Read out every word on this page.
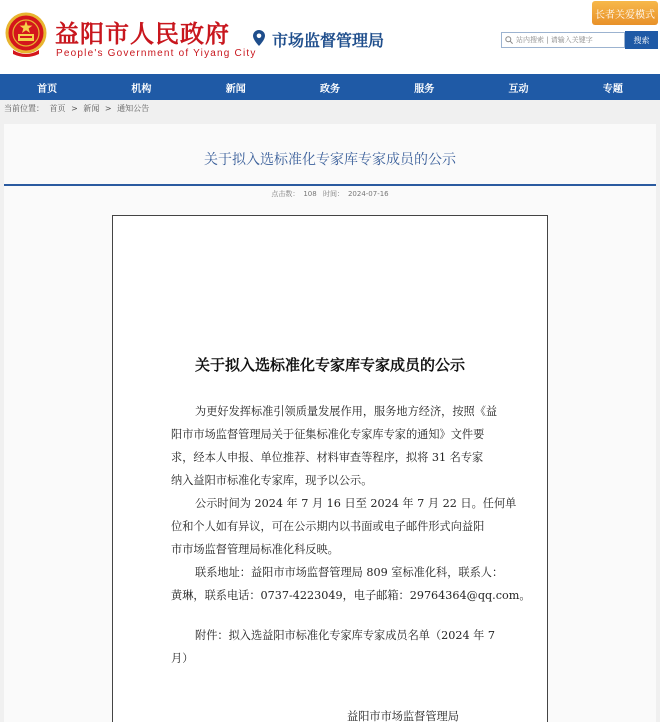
益阳市人民政府
People's Government of Yiyang City
市场监督管理局
长者关爱模式
站内搜索 | 请输入关键字	搜索
首页	机构	新闻	政务	服务	互动	专题
当前位置： 首页 > 新闻 > 通知公告
关于拟入选标准化专家库专家成员的公示
点击数： 108 时间： 2024-07-16
关于拟入选标准化专家库专家成员的公示
为更好发挥标准引领质量发展作用，服务地方经济，按照《益
阳市市场监督管理局关于征集标准化专家库专家的通知》文件要
求，经本人申报、单位推荐、材料审查等程序，拟将 31 名专家
纳入益阳市标准化专家库，现予以公示。
公示时间为 2024 年 7 月 16 日至 2024 年 7 月 22 日。任何单
位和个人如有异议，可在公示期内以书面或电子邮件形式向益阳
市市场监督管理局标准化科反映。
联系地址：益阳市市场监督管理局 809 室标准化科，联系人：
黄琳，联系电话：0737-4223049，电子邮箱：29764364@qq.com。
附件：拟入选益阳市标准化专家库专家成员名单（2024 年 7
月）
益阳市市场监督管理局
